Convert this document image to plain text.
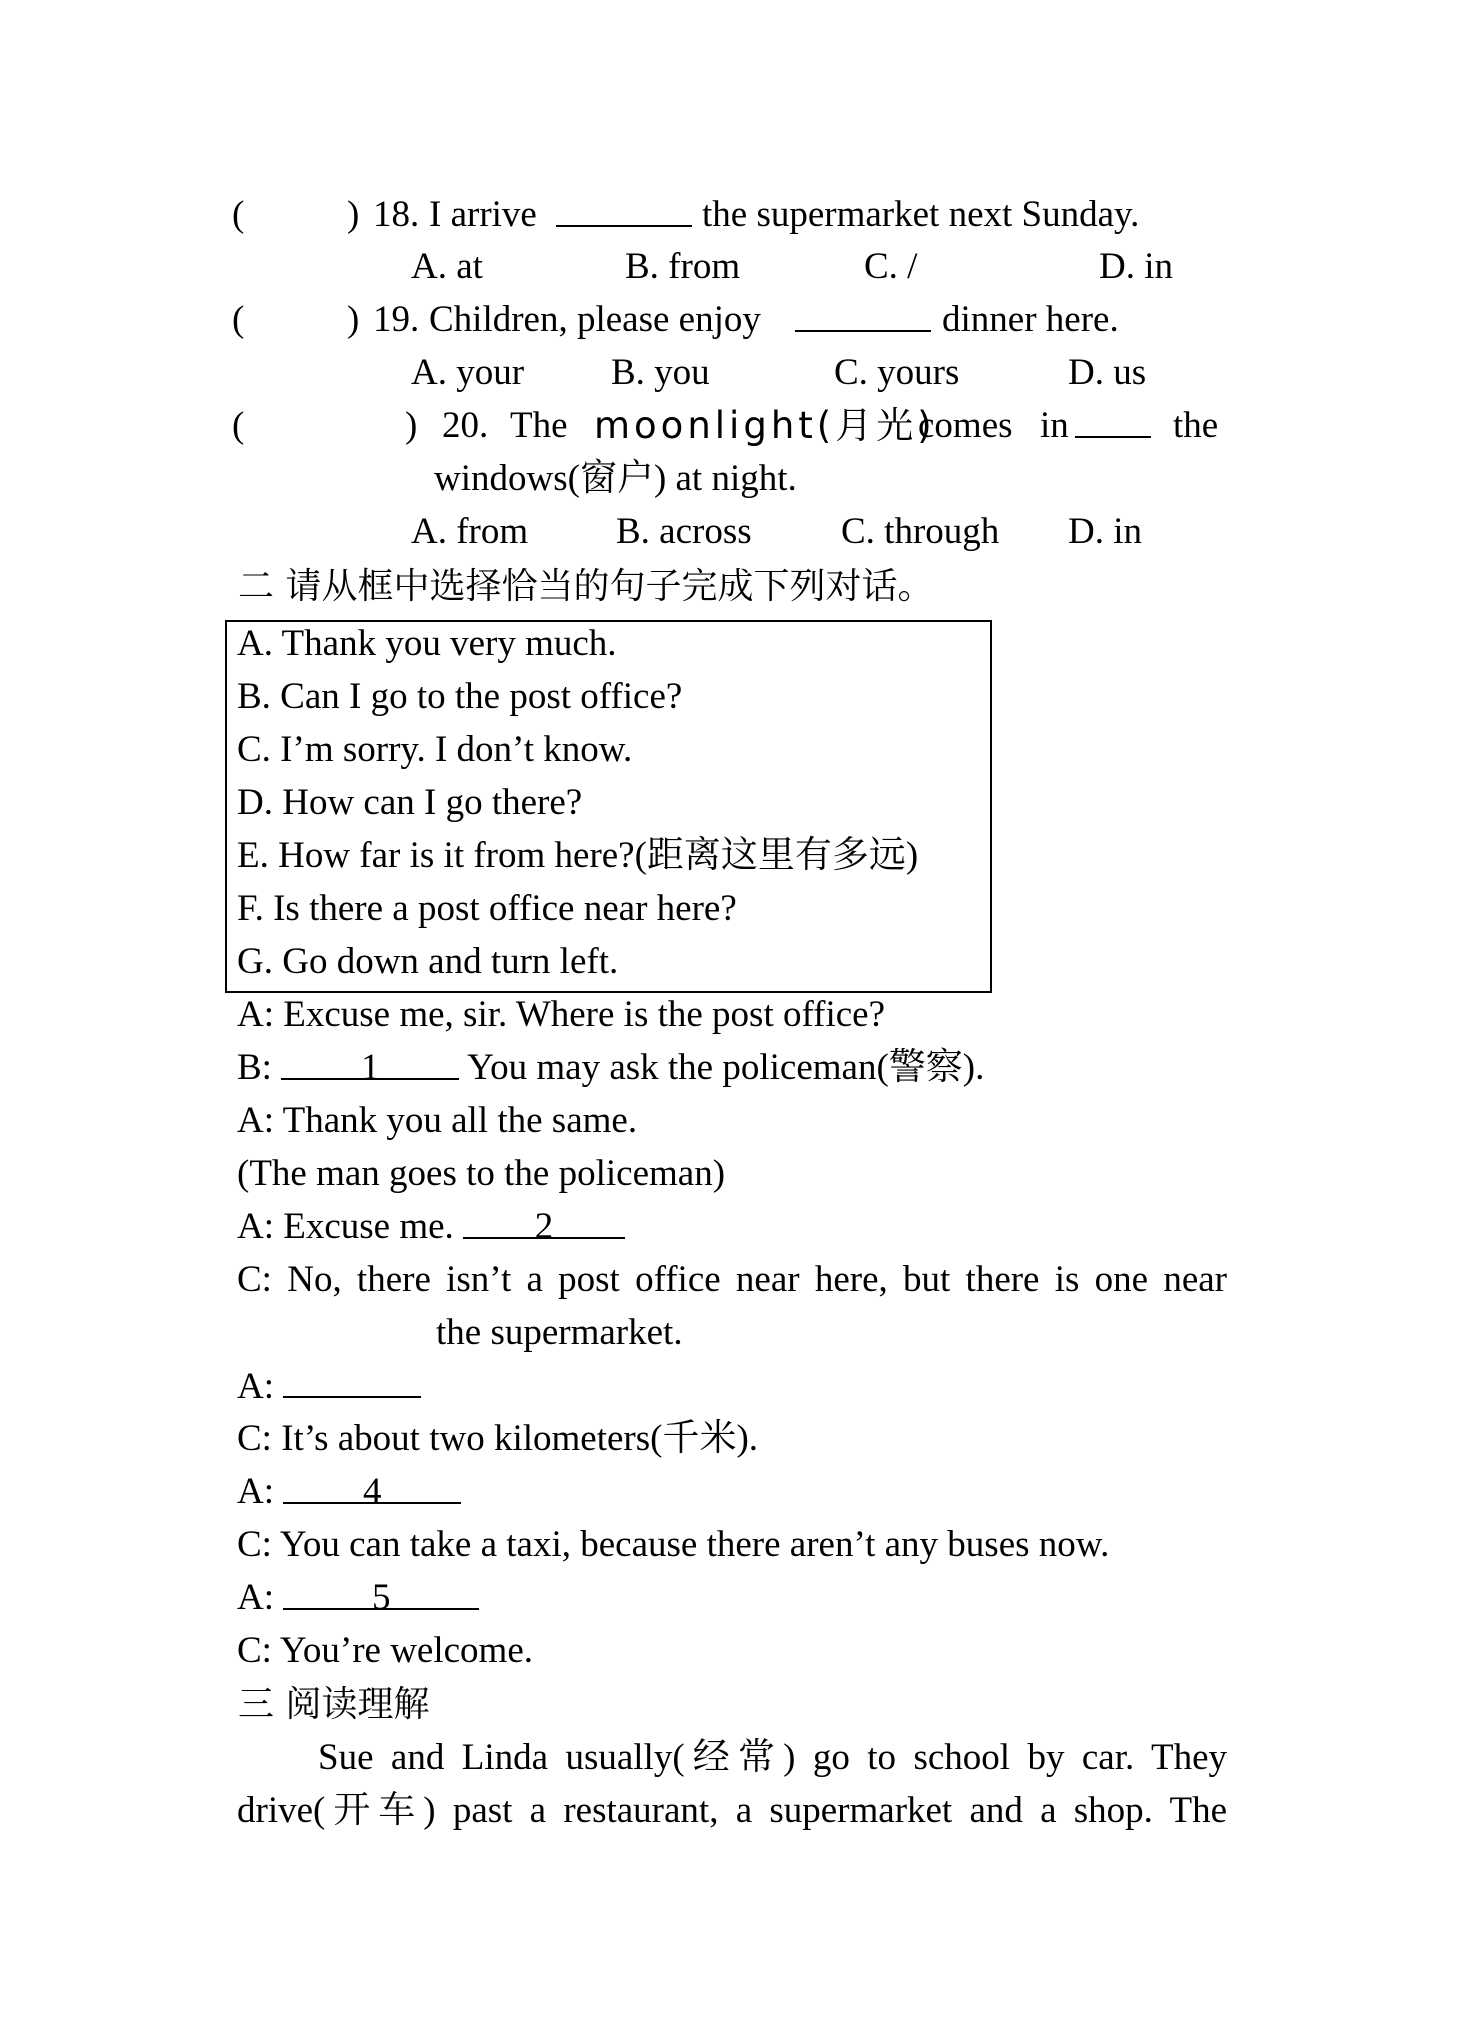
(	) 18. I arrive	the supermarket next Sunday.
A. at	B. from	C. /	D. in
(	) 19. Children, please enjoy	dinner here.
A. your B. you	C. yours	D. us
(	) 20. The moonlight(月光)
comes in	the
windows(窗户) at night.
A. from B. across C. through D. in
二 请从框中选择恰当的句子完成下列对话。
A. Thank you very much.
B. Can I go to the post office?
C. I’m sorry. I don’t know.
D. How can I go there?
E. How far is it from here?(距离这里有多远)
F. Is there a post office near here?
G. Go down and turn left.
A: Excuse me, sir. Where is the post office?
B: 1 You may ask the policeman(警察).
A: Thank you all the same.
(The man goes to the policeman)
A: Excuse me. 2
C: No, there isn’t a post office near here, but there is one near
the supermarket.
A:
C: It’s about two kilometers(千米).
A: 4
C: You can take a taxi, because there aren’t any buses now.
A:	5
C: You’re welcome.
三 阅读理解
Sue and Linda usually(经常) go to school by car. They
drive(开车) past a restaurant, a supermarket and a shop. The
